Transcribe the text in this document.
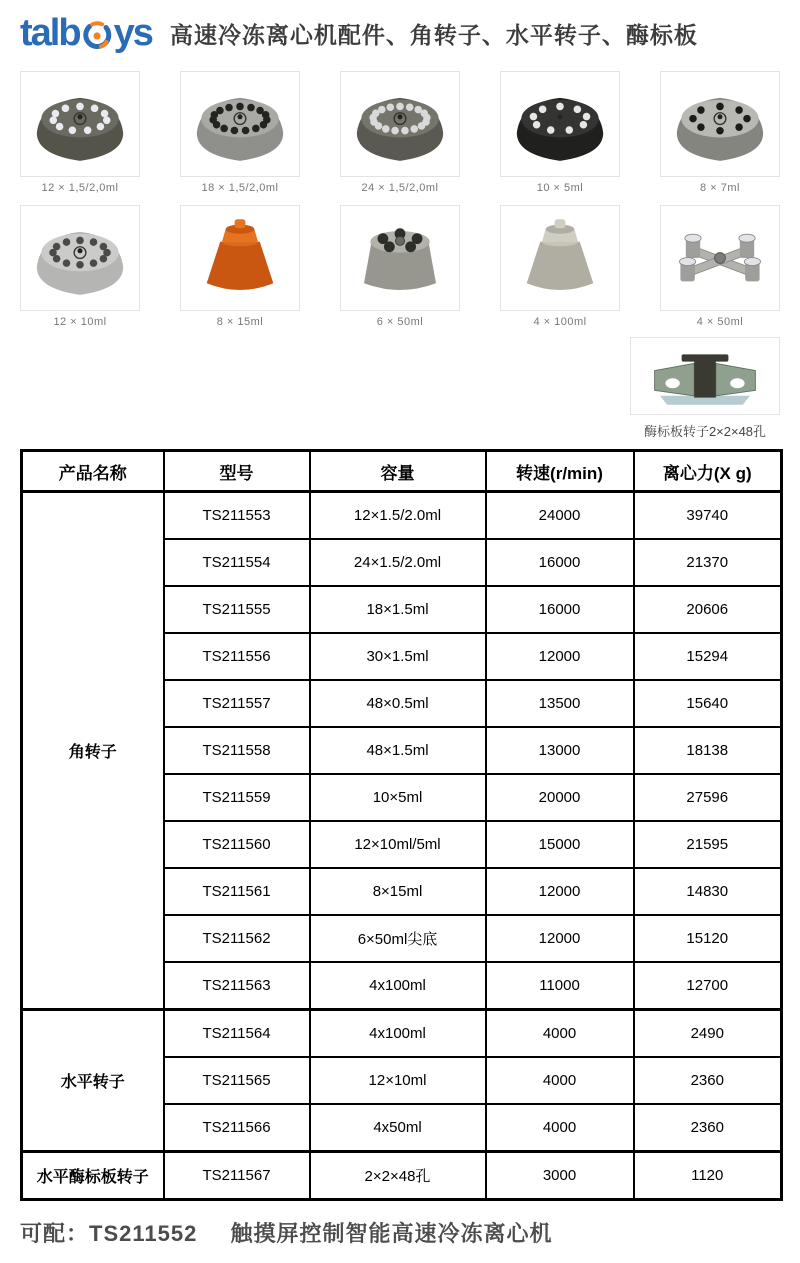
talb ys 高速冷冻离心机配件、角转子、水平转子、酶标板
12 × 1,5/2,0ml	18 × 1,5/2,0ml	24 × 1,5/2,0ml	10 × 5ml	8 × 7ml
12 × 10ml	8 × 15ml	6 × 50ml	4 × 100ml	4 × 50ml
酶标板转子2×2×48孔
产品名称	型号	容量	转速(r/min)	离心力(X g)
角转子	TS211553	12×1.5/2.0ml	24000	39740
	TS211554	24×1.5/2.0ml	16000	21370
	TS211555	18×1.5ml	16000	20606
	TS211556	30×1.5ml	12000	15294
	TS211557	48×0.5ml	13500	15640
	TS211558	48×1.5ml	13000	18138
	TS211559	10×5ml	20000	27596
	TS211560	12×10ml/5ml	15000	21595
	TS211561	8×15ml	12000	14830
	TS211562	6×50ml尖底	12000	15120
	TS211563	4x100ml	11000	12700
水平转子	TS211564	4x100ml	4000	2490
	TS211565	12×10ml	4000	2360
	TS211566	4x50ml	4000	2360
水平酶标板转子	TS211567	2×2×48孔	3000	1120
可配：TS211552 触摸屏控制智能高速冷冻离心机
